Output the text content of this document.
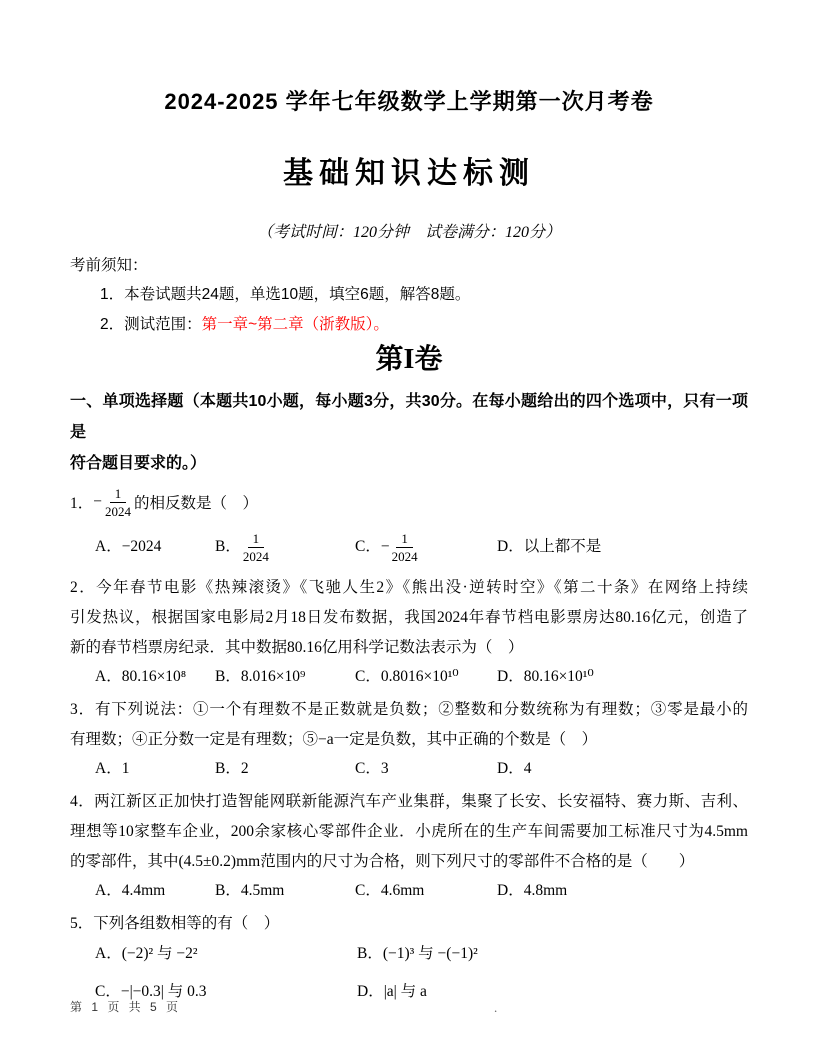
2024-2025 学年七年级数学上学期第一次月考卷
基础知识达标测
（考试时间：120分钟　试卷满分：120分）
考前须知：
1．本卷试题共24题，单选10题，填空6题，解答8题。
2．测试范围：第一章~第二章（浙教版）。
第I卷
一、单项选择题（本题共10小题，每小题3分，共30分。在每小题给出的四个选项中，只有一项是
符合题目要求的。）
1． − $\frac{1}{2024}$ 的相反数是（　）
A．−2024	B． $\frac{1}{2024}$	C．− $\frac{1}{2024}$	D．以上都不是
2．今年春节电影《热辣滚烫》《飞驰人生2》《熊出没·逆转时空》《第二十条》在网络上持续
引发热议，根据国家电影局2月18日发布数据，我国2024年春节档电影票房达80.16亿元，创造了
新的春节档票房纪录．其中数据80.16亿用科学记数法表示为（　）
A．80.16×10⁸	B．8.016×10⁹	C．0.8016×10¹⁰	D．80.16×10¹⁰
3．有下列说法：①一个有理数不是正数就是负数；②整数和分数统称为有理数；③零是最小的
有理数；④正分数一定是有理数；⑤−a一定是负数，其中正确的个数是（　）
A．1	B．2	C．3	D．4
4．两江新区正加快打造智能网联新能源汽车产业集群，集聚了长安、长安福特、赛力斯、吉利、
理想等10家整车企业，200余家核心零部件企业．小虎所在的生产车间需要加工标准尺寸为4.5mm
的零部件，其中(4.5±0.2)mm范围内的尺寸为合格，则下列尺寸的零部件不合格的是（　　）
A．4.4mm	B．4.5mm	C．4.6mm	D．4.8mm
5．下列各组数相等的有（　）
A．(−2)² 与 −2²	B．(−1)³ 与 −(−1)²
C．−|−0.3| 与 0.3	D．|a| 与 a
第 1 页 共 5 页	.
